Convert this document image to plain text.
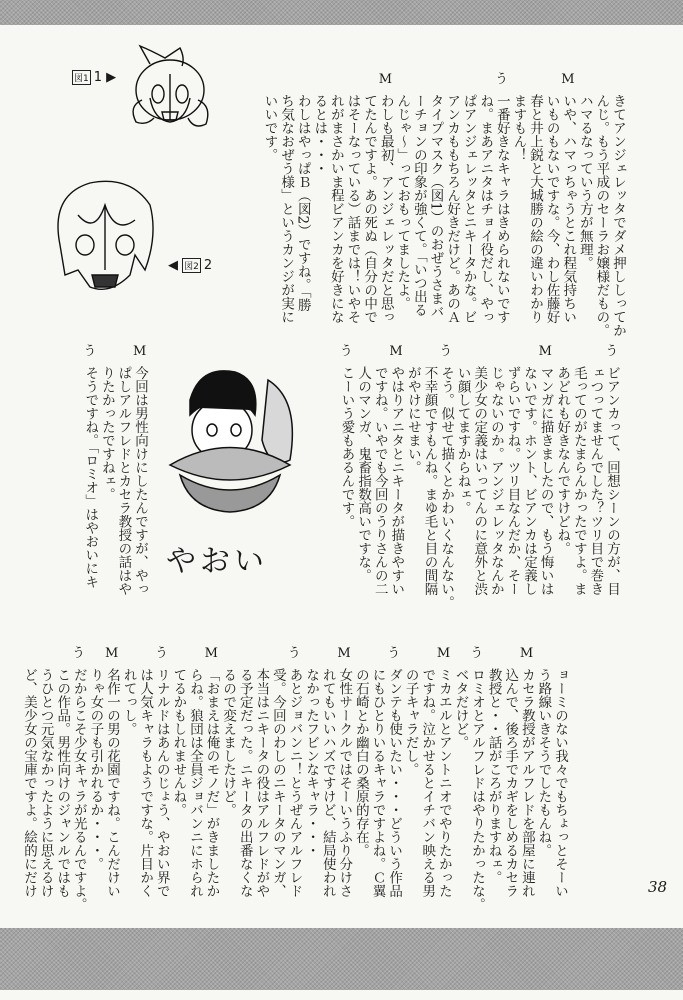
図1 1 ▶
◀ 図2 2
やおい
きてアンジェレッタでダメ押ししってか
んじ。もう平成のセーラお嬢様だもの。
ハマるなっていう方が無理。
M
いや、ハマっちゃうとこれ程気持ちい
いものもないですな。今、わし佐藤好
春と井上鋭と大城勝の絵の違いわかり
ますもん！
う
一番好きなキャラはきめられないです
ね。まあアニタはチョイ役だし、やっ
ぱアンジェレッタとニキータかな。ビ
アンカももちろん好きだけど。あのＡ
タイプマスク（図1）のおぜうさまバ
ーチョンの印象が強くて。「いつ出る
んじゃ〜」っておもってましたよ。
M
わしも最初、アンジェレッタだと思っ
てたんですよ。あの死ぬ（自分の中で
はそーなっている）話までは！いやそ
れがまさかいま程ビアンカを好きにな
るとは・・・
わしはやっぱＢ（図2）ですね。「勝
ち気なおぜう様」というカンジが実に
いいです。
う
ビアンカって、回想シーンの方が、目
ェつってませんでした？ツリ目で巻き
毛ってのがたまらんかったですよ。ま
あどれも好きなんですけどね。
M
マンガに描きましたので、もう悔いは
ないです。ホント、ビアンカは定義し
ずらいですね。ツリ目なんだか、そー
じゃないのか。アンジェレッタなんか
美少女の定義はいってんのに意外と渋
い顔してますからねェ。
う
そう。似せて描くとかわいくなんない。
不幸顔ですもんね。まゆ毛と目の間隔
がやけにせまい。
M
やはりアニタとニキータが描きやすい
ですね。いやでも今回のうりさんの二
人のマンガ、鬼畜指数高いですな。
う
こーいう愛もあるんです。
M
今回は男性向けにしたんですが、やっ
ぱしアルフレドとカセラ教授の話はや
りたかったですねェ。
う
そうですね。「ロミオ」はやおいにキ
ョーミのない我々でもちょっとそーい
う路線いきそうでしたもんね。
M
カセラ教授がアルフレドを部屋に連れ
込んで、後ろ手でカギをしめるカセラ
教授と・・話がころがりますねェ。
う
ロミオとアルフレドはやりたかったな。
ベタだけど。
M
ミカエルとアントニオでやりたかった
ですね。泣かせるとイチバン映える男
の子キャラだし。
う
ダンテも使いたい・・・どういう作品
にもひとりいるキャラですよね。Ｃ翼
の石崎とか幽白の桑原的存在。
M
女性サークルではそーいうふり分けさ
れてもいいハズですけど、結局使われ
なかったフビンなキャラ・・・
う
あとジョバンニ！とうぜんアルフレド
受。今回のわしのニキータのマンガ、
本当はニキータの役はアルフレドがや
る予定だった。ニキータの出番なくな
るので変えましたけど。
M
「おまえは俺のモノだ」がきましたか
らね。狼団は全員ジョバンニにホられ
てるかもしれませんね。
う
リナルドはあんのじょう、やおい界で
は人気キャラもようですな。片目かく
れてっし。
M
名作一の男の花園ですね。こんだけい
りゃ女の子も引かれるか・・・。
う
だからこそ少女キャラが光るんですよ。
この作品。男性向けのジャンルではも
うひとつ元気なかったように思えるけ
ど、美少女の宝庫ですよ。絵的にだけ	38
